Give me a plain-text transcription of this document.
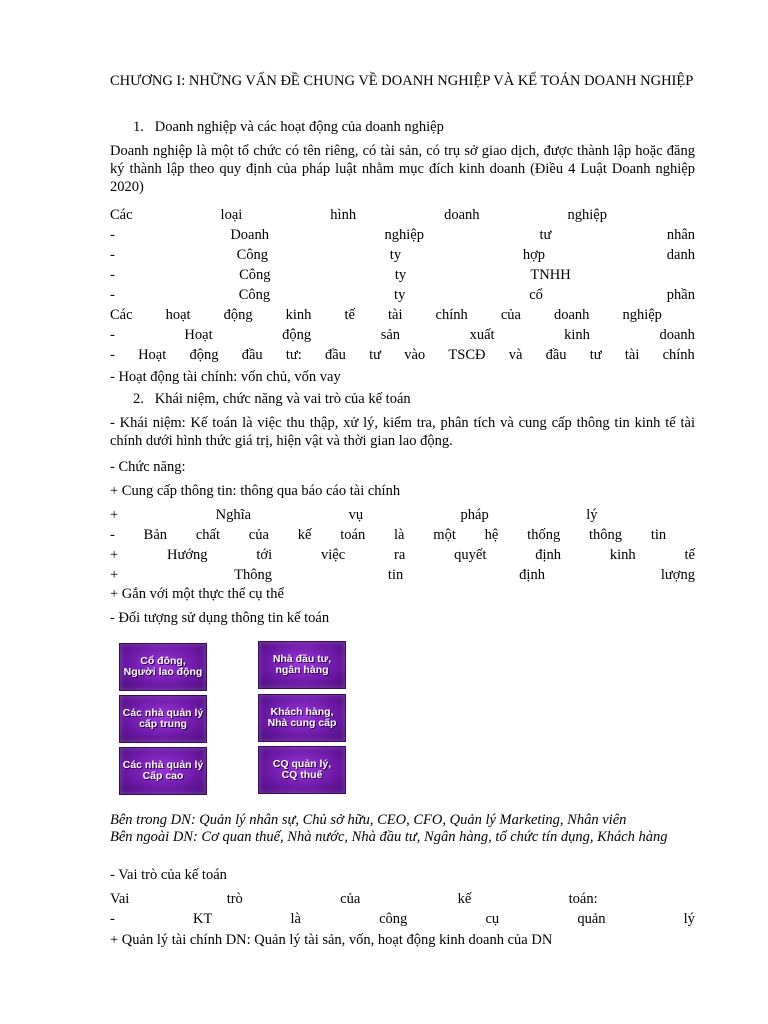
CHƯƠNG I: NHỮNG VẤN ĐỀ CHUNG VỀ DOANH NGHIỆP VÀ KẾ TOÁN DOANH NGHIỆP
1.   Doanh nghiệp và các hoạt động của doanh nghiệp
Doanh nghiệp là một tổ chức có tên riêng, có tài sản, có trụ sở giao dịch, được thành lập hoặc đăng ký thành lập theo quy định của pháp luật nhằm mục đích kinh doanh (Điều 4 Luật Doanh nghiệp 2020)
Các	loại	hình	doanh	nghiệp
-	Doanh	nghiệp	tư	nhân
-	Công	ty	hợp	danh
-	Công	ty	TNHH
-	Công	ty	cổ	phần
Các hoạt động kinh tế tài chính của doanh nghiệp
-	Hoạt	động	sản	xuất	kinh	doanh
- Hoạt động đầu tư: đầu tư vào TSCĐ và đầu tư tài chính
- Hoạt động tài chính: vốn chủ, vốn vay
2.   Khái niệm, chức năng và vai trò của kế toán
- Khái niệm: Kế toán là việc thu thập, xử lý, kiểm tra, phân tích và cung cấp thông tin kinh tế tài chính dưới hình thức giá trị, hiện vật và thời gian lao động.
- Chức năng:
+ Cung cấp thông tin: thông qua báo cáo tài chính
+	Nghĩa	vụ	pháp	lý
- Bản chất của kế toán là một hệ thống thông tin
+	Hướng	tới	việc	ra	quyết	định	kinh	tế
+	Thông	tin	định	lượng
+ Gắn với một thực thể cụ thể
- Đối tượng sử dụng thông tin kế toán
Cổ đông,
Người lao động
Nhà đầu tư,
ngân hàng
Các nhà quản lý
cấp trung
Khách hàng,
Nhà cung cấp
Các nhà quản lý
Cấp cao
CQ quản lý,
CQ thuế
Bên trong DN: Quản lý nhân sự, Chủ sở hữu, CEO, CFO, Quản lý Marketing, Nhân viên
Bên ngoài DN: Cơ quan thuế, Nhà nước, Nhà đầu tư, Ngân hàng, tổ chức tín dụng, Khách hàng
- Vai trò của kế toán
Vai	trò	của	kế	toán:
-	KT	là	công	cụ	quản	lý
+ Quản lý tài chính DN: Quản lý tài sản, vốn, hoạt động kinh doanh của DN
